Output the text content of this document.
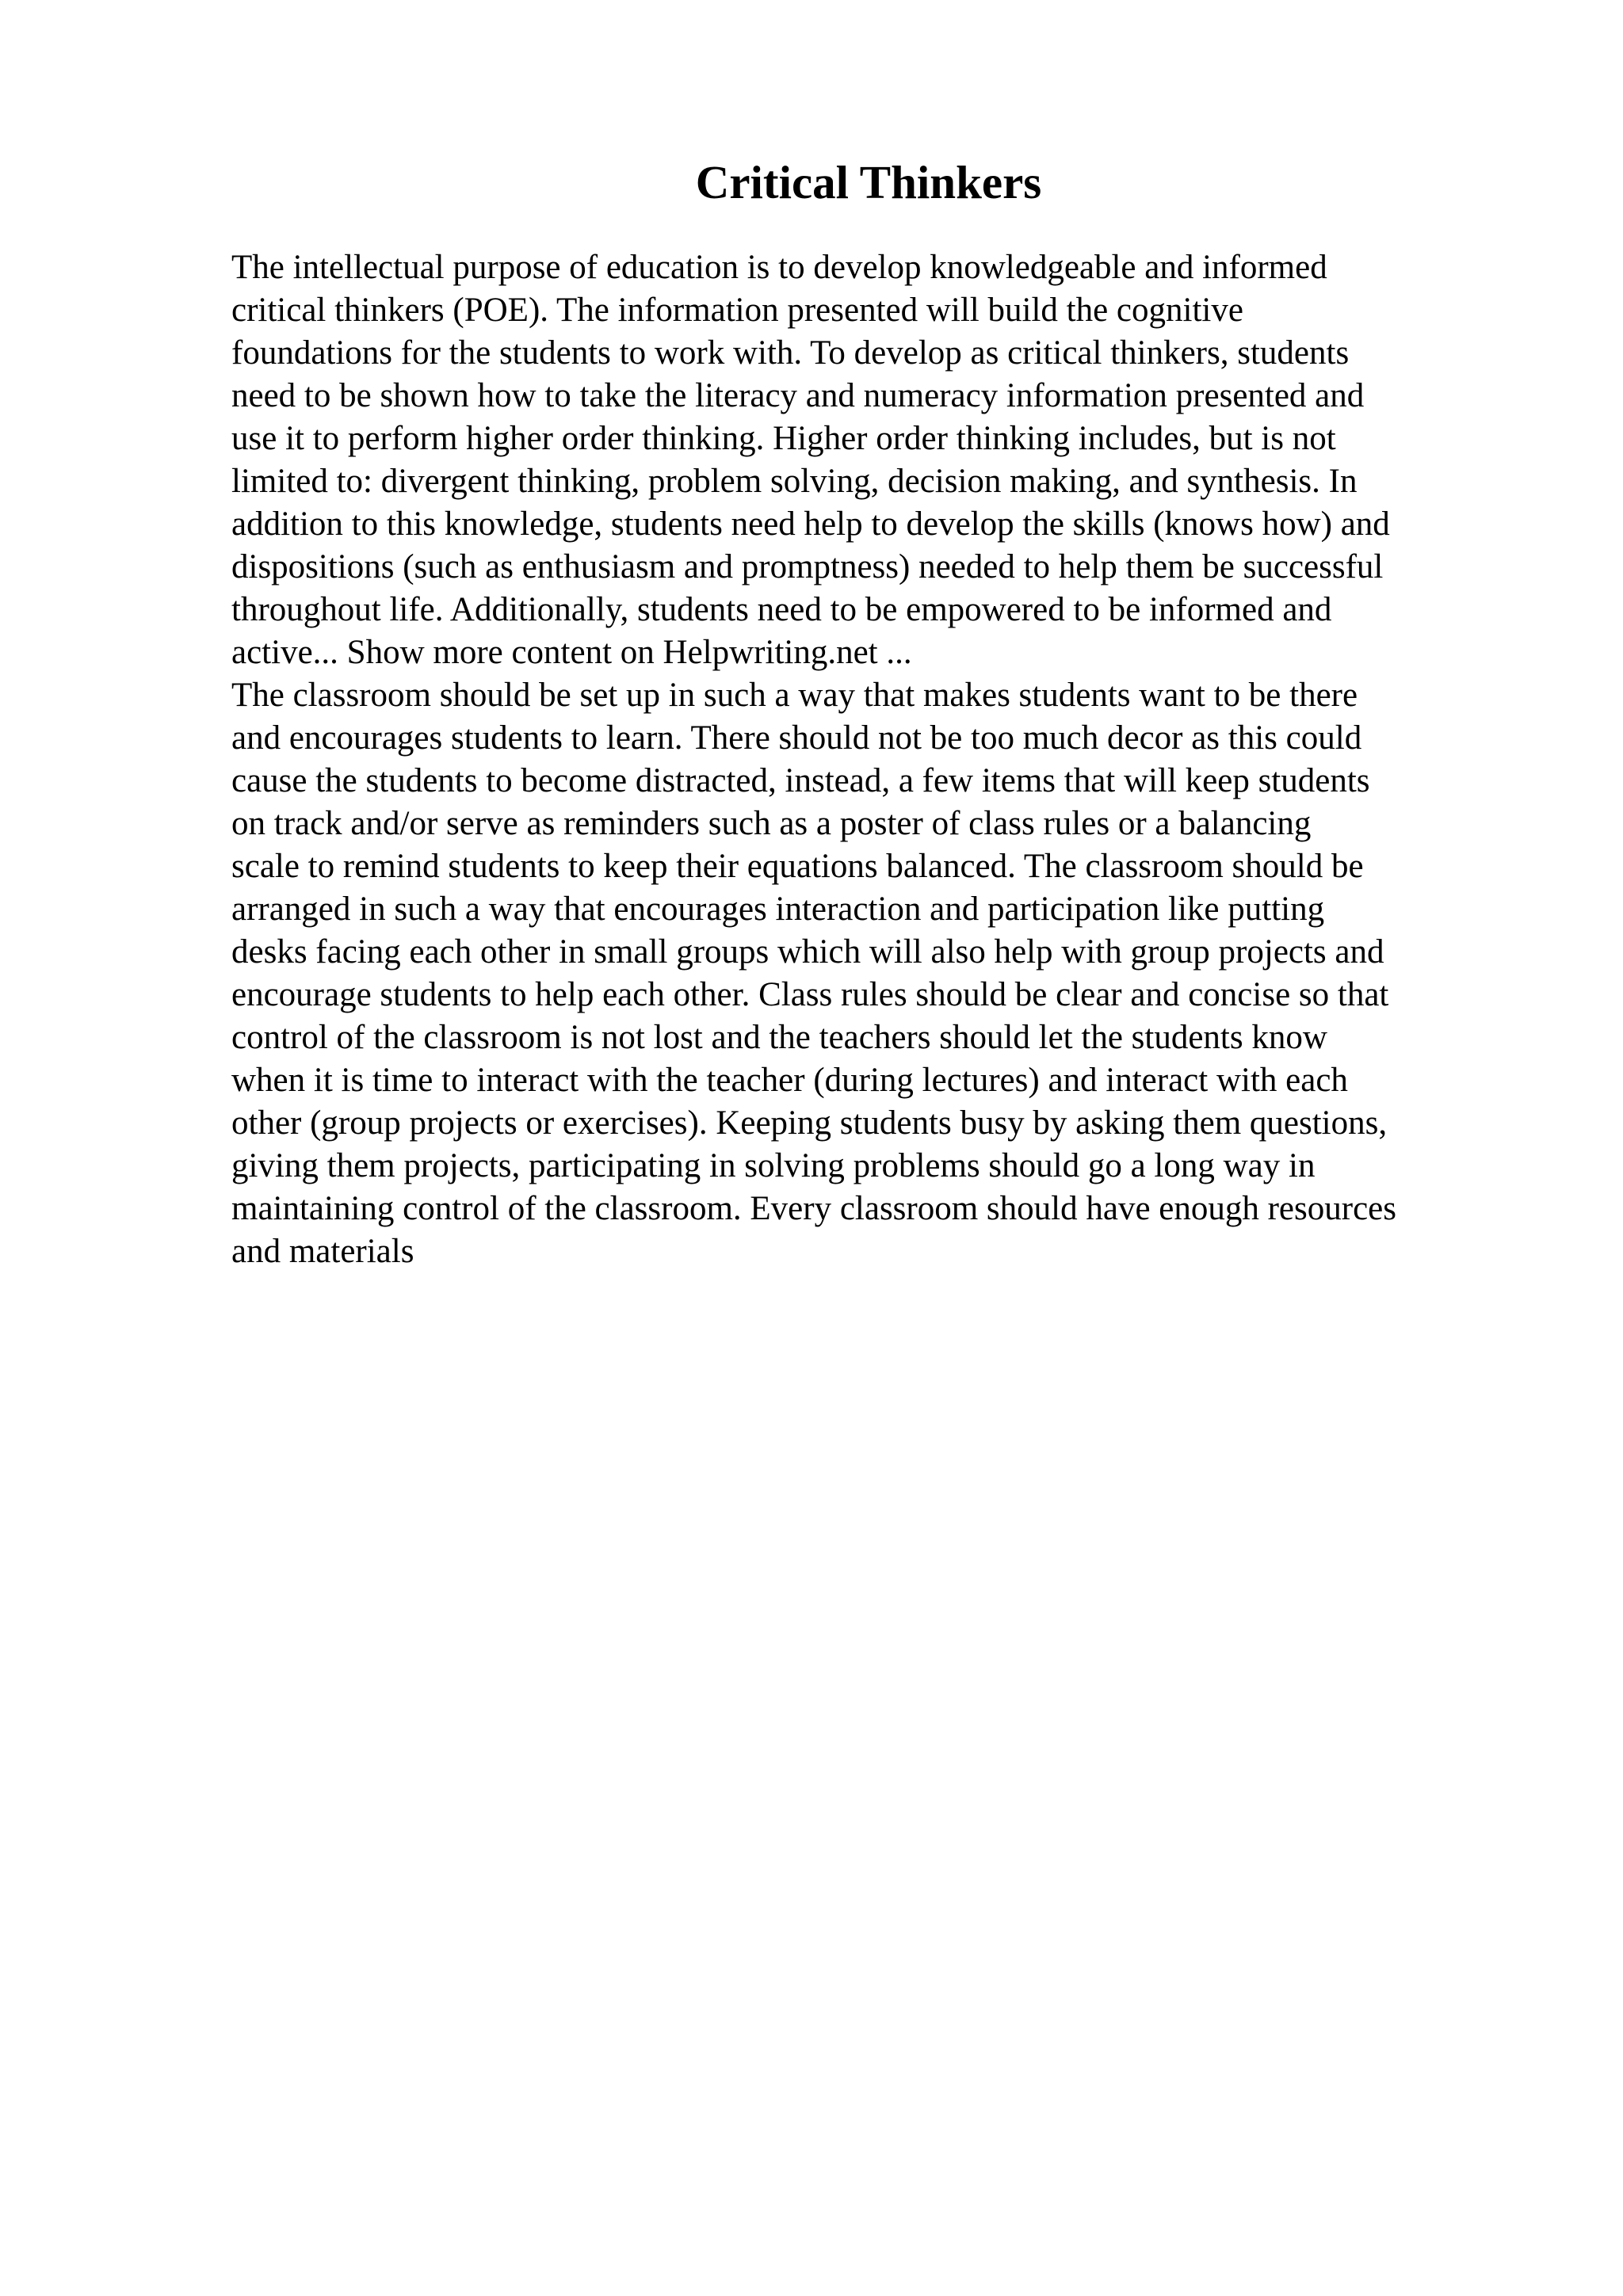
Critical Thinkers
The intellectual purpose of education is to develop knowledgeable and informed
critical thinkers (POE). The information presented will build the cognitive
foundations for the students to work with. To develop as critical thinkers, students
need to be shown how to take the literacy and numeracy information presented and
use it to perform higher order thinking. Higher order thinking includes, but is not
limited to: divergent thinking, problem solving, decision making, and synthesis. In
addition to this knowledge, students need help to develop the skills (knows how) and
dispositions (such as enthusiasm and promptness) needed to help them be successful
throughout life. Additionally, students need to be empowered to be informed and
active... Show more content on Helpwriting.net ...
The classroom should be set up in such a way that makes students want to be there
and encourages students to learn. There should not be too much decor as this could
cause the students to become distracted, instead, a few items that will keep students
on track and/or serve as reminders such as a poster of class rules or a balancing
scale to remind students to keep their equations balanced. The classroom should be
arranged in such a way that encourages interaction and participation like putting
desks facing each other in small groups which will also help with group projects and
encourage students to help each other. Class rules should be clear and concise so that
control of the classroom is not lost and the teachers should let the students know
when it is time to interact with the teacher (during lectures) and interact with each
other (group projects or exercises). Keeping students busy by asking them questions,
giving them projects, participating in solving problems should go a long way in
maintaining control of the classroom. Every classroom should have enough resources
and materials
